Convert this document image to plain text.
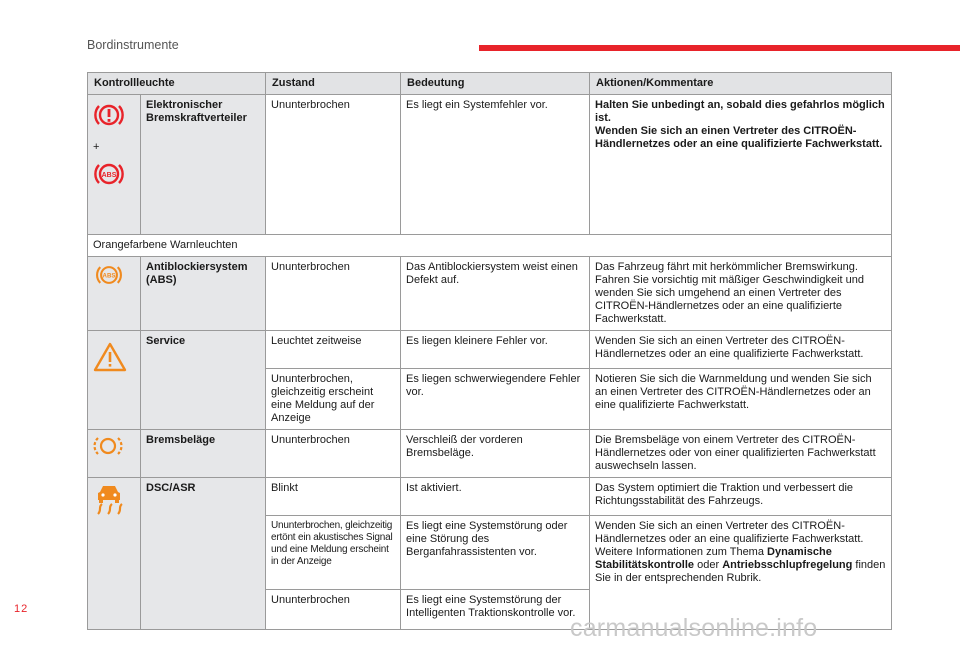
Bordinstrumente
Kontrollleuchte		Zustand	Bedeutung	Aktionen/Kommentare

+
ABS	Elektronischer Bremskraftverteiler	Ununterbrochen	Es liegt ein Systemfehler vor.	Halten Sie unbedingt an, sobald dies gefahrlos möglich ist.
Wenden Sie sich an einen Vertreter des CITROËN-Händlernetzes oder an eine qualifizierte Fachwerkstatt.
Orangefarbene Warnleuchten				

ABS	Antiblockiersystem (ABS)	Ununterbrochen	Das Antiblockiersystem weist einen Defekt auf.	Das Fahrzeug fährt mit herkömmlicher Bremswirkung. Fahren Sie vorsichtig mit mäßiger Geschwindigkeit und wenden Sie sich umgehend an einen Vertreter des CITROËN-Händlernetzes oder an eine qualifizierte Fachwerkstatt.
	Service	Leuchtet zeitweise	Es liegen kleinere Fehler vor.	Wenden Sie sich an einen Vertreter des CITROËN-Händlernetzes oder an eine qualifizierte Fachwerkstatt.
		Ununterbrochen, gleichzeitig erscheint eine Meldung auf der Anzeige	Es liegen schwerwiegendere Fehler vor.	Notieren Sie sich die Warnmeldung und wenden Sie sich an einen Vertreter des CITROËN-Händlernetzes oder an eine qualifizierte Fachwerkstatt.
	Bremsbeläge	Ununterbrochen	Verschleiß der vorderen Bremsbeläge.	Die Bremsbeläge von einem Vertreter des CITROËN-Händlernetzes oder von einer qualifizierten Fachwerkstatt auswechseln lassen.
	DSC/ASR	Blinkt	Ist aktiviert.	Das System optimiert die Traktion und verbessert die Richtungsstabilität des Fahrzeugs.
		Ununterbrochen, gleichzeitig ertönt ein akustisches Signal und eine Meldung erscheint in der Anzeige	Es liegt eine Systemstörung oder eine Störung des Berganfahrassistenten vor.	Wenden Sie sich an einen Vertreter des CITROËN-Händlernetzes oder an eine qualifizierte Fachwerkstatt. Weitere Informationen zum Thema Dynamische Stabilitätskontrolle oder Antriebsschlupfregelung finden Sie in der entsprechenden Rubrik.
		Ununterbrochen	Es liegt eine Systemstörung der Intelligenten Traktionskontrolle vor.	
12
carmanualsonline.info
